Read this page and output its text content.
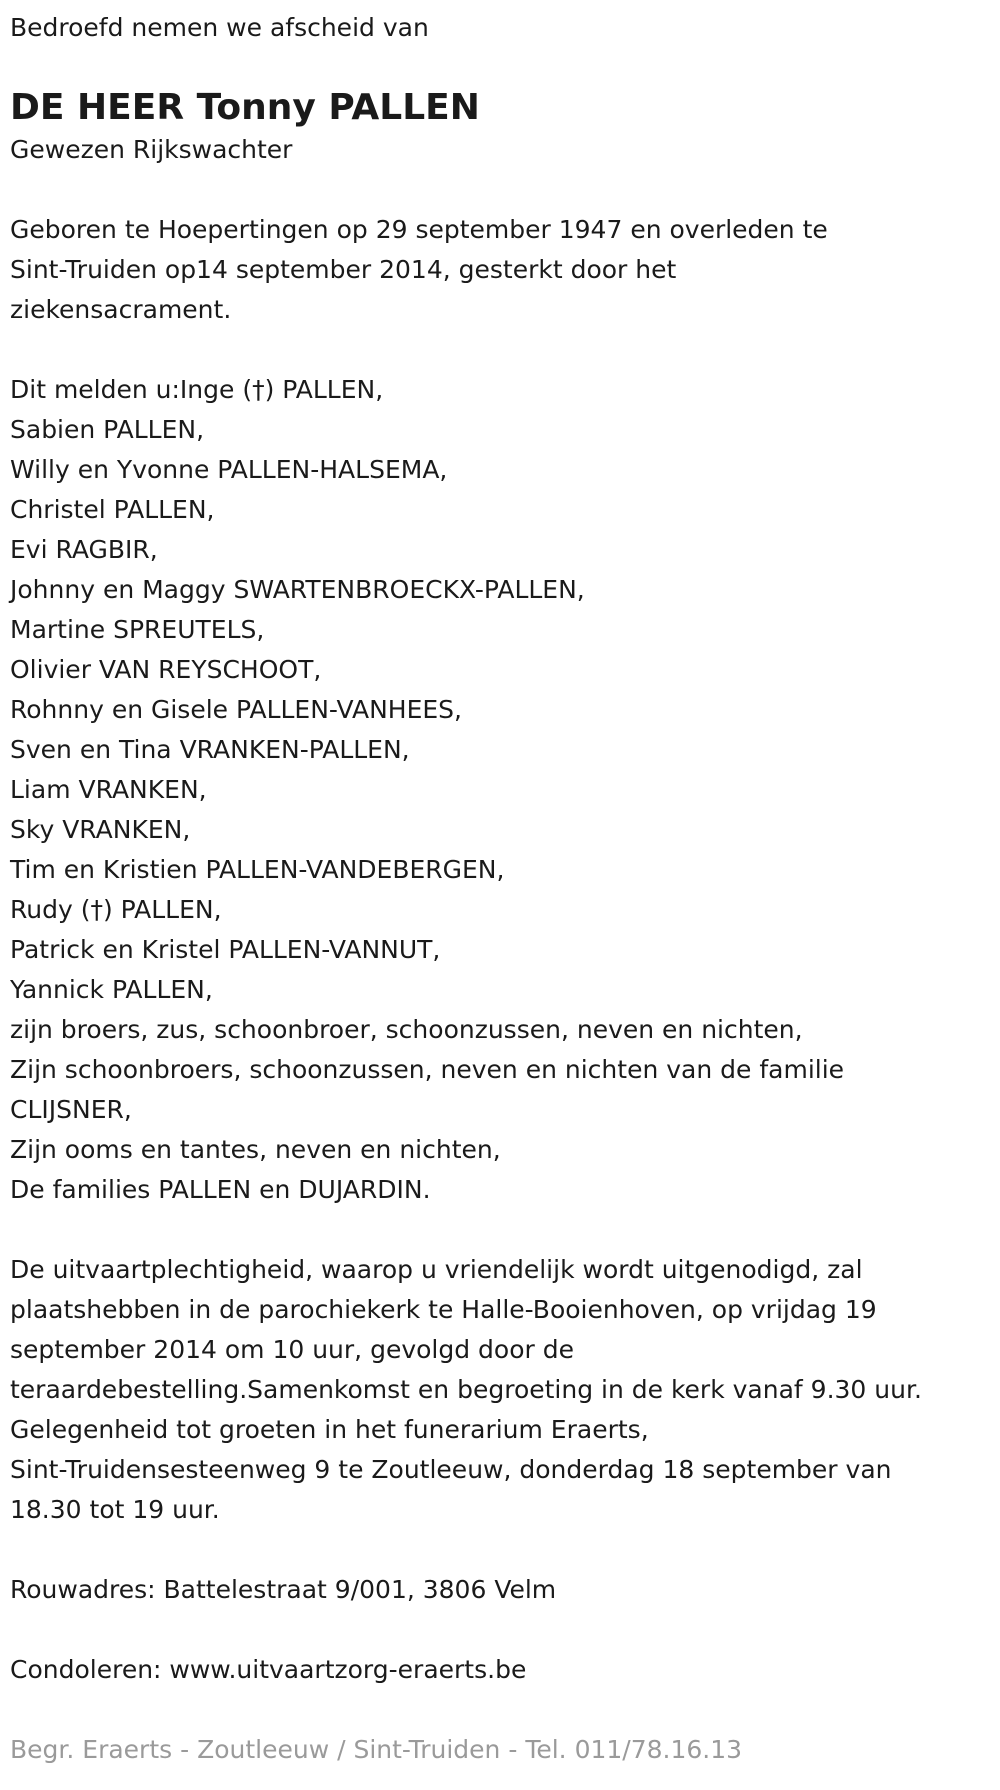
Bedroefd nemen we afscheid van

DE HEER Tonny PALLEN

Gewezen Rijkswachter

Geboren te Hoepertingen op 29 september 1947 en overleden te
Sint-Truiden op14 september 2014, gesterkt door het
ziekensacrament.
Dit melden u:Inge (†) PALLEN,
Sabien PALLEN,
Willy en Yvonne PALLEN-HALSEMA,
Christel PALLEN,
Evi RAGBIR,
Johnny en Maggy SWARTENBROECKX-PALLEN,
Martine SPREUTELS,
Olivier VAN REYSCHOOT,
Rohnny en Gisele PALLEN-VANHEES,
Sven en Tina VRANKEN-PALLEN,
Liam VRANKEN,
Sky VRANKEN,
Tim en Kristien PALLEN-VANDEBERGEN,
Rudy (†) PALLEN,
Patrick en Kristel PALLEN-VANNUT,
Yannick PALLEN,
zijn broers, zus, schoonbroer, schoonzussen, neven en nichten,
Zijn schoonbroers, schoonzussen, neven en nichten van de familie
CLIJSNER,
Zijn ooms en tantes, neven en nichten,
De families PALLEN en DUJARDIN.
De uitvaartplechtigheid, waarop u vriendelijk wordt uitgenodigd, zal
plaatshebben in de parochiekerk te Halle-Booienhoven, op vrijdag 19
september 2014 om 10 uur, gevolgd door de
teraardebestelling.Samenkomst en begroeting in de kerk vanaf 9.30 uur.
Gelegenheid tot groeten in het funerarium Eraerts,
Sint-Truidensesteenweg 9 te Zoutleeuw, donderdag 18 september van
18.30 tot 19 uur.

Rouwadres: Battelestraat 9/001, 3806 Velm

Condoleren: www.uitvaartzorg-eraerts.be

Begr. Eraerts - Zoutleeuw / Sint-Truiden - Tel. 011/78.16.13
